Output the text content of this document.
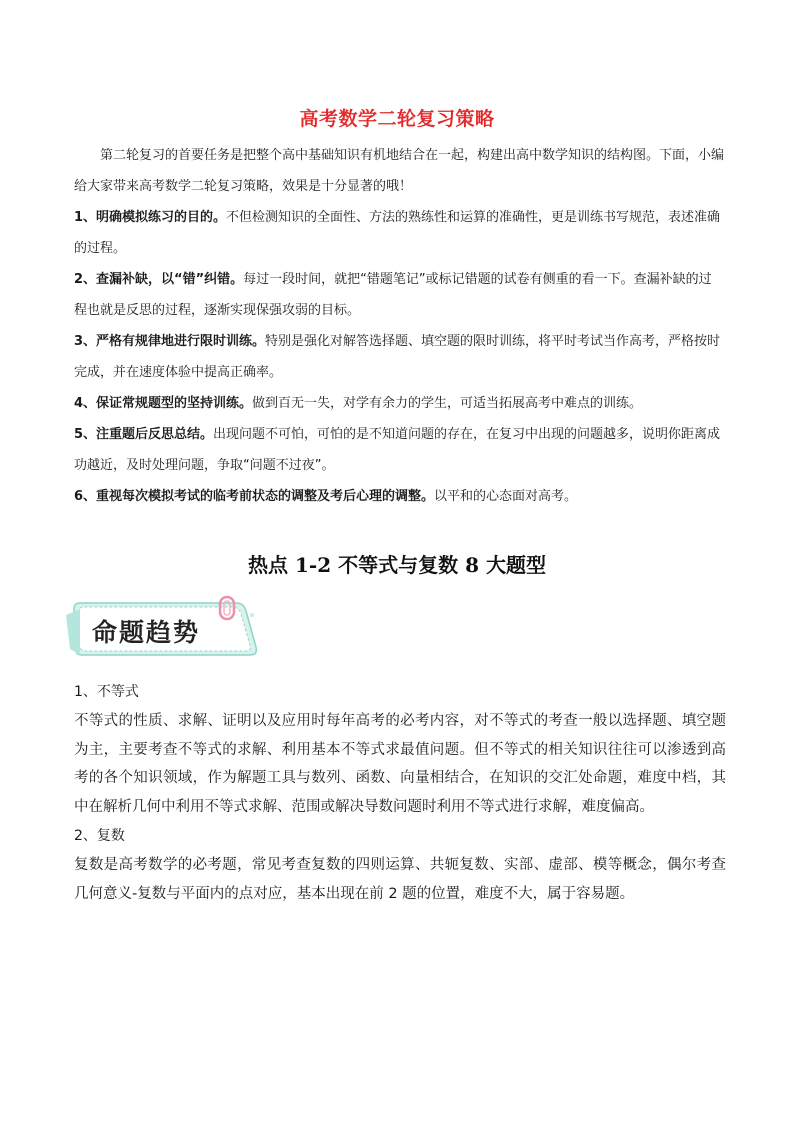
高考数学二轮复习策略

第二轮复习的首要任务是把整个高中基础知识有机地结合在一起，构建出高中数学知识的结构图。下面，小编给大家带来高考数学二轮复习策略，效果是十分显著的哦！

1、明确模拟练习的目的。不但检测知识的全面性、方法的熟练性和运算的准确性，更是训练书写规范，表述准确的过程。

2、查漏补缺，以“错”纠错。每过一段时间，就把“错题笔记”或标记错题的试卷有侧重的看一下。查漏补缺的过程也就是反思的过程，逐渐实现保强攻弱的目标。

3、严格有规律地进行限时训练。特别是强化对解答选择题、填空题的限时训练，将平时考试当作高考，严格按时完成，并在速度体验中提高正确率。

4、保证常规题型的坚持训练。做到百无一失，对学有余力的学生，可适当拓展高考中难点的训练。

5、注重题后反思总结。出现问题不可怕，可怕的是不知道问题的存在，在复习中出现的问题越多，说明你距离成功越近，及时处理问题，争取“问题不过夜”。

6、重视每次模拟考试的临考前状态的调整及考后心理的调整。以平和的心态面对高考。

热点 1-2 不等式与复数 8 大题型
命题趋势

1、不等式

不等式的性质、求解、证明以及应用时每年高考的必考内容，对不等式的考查一般以选择题、填空题为主，主要考查不等式的求解、利用基本不等式求最值问题。但不等式的相关知识往往可以渗透到高考的各个知识领域，作为解题工具与数列、函数、向量相结合，在知识的交汇处命题，难度中档，其中在解析几何中利用不等式求解、范围或解决导数问题时利用不等式进行求解，难度偏高。

2、复数

复数是高考数学的必考题，常见考查复数的四则运算、共轭复数、实部、虚部、模等概念，偶尔考查几何意义-复数与平面内的点对应，基本出现在前 2 题的位置，难度不大，属于容易题。
